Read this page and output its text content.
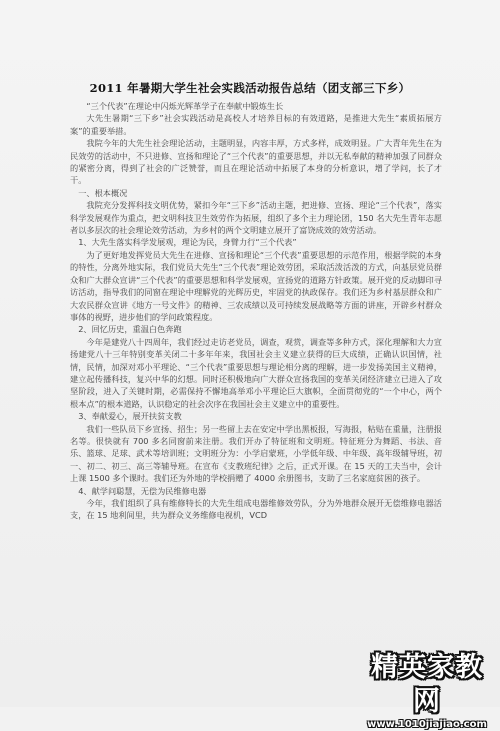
2011 年暑期大学生社会实践活动报告总结（团支部三下乡）

“三个代表”在理论中闪烁光辉革学子在奉献中锻炼生长

大先生暑期“三下乡”社会实践活动是高校人才培养目标的有效道路，是推进大先生“素质拓展方案”的重要举措。

我院今年的大先生社会理论活动，主题明显，内容丰厚，方式多样，成效明显。广大青年先生在为民效劳的活动中，不只进修、宣扬和理论了“三个代表”的重要思想，并以无私奉献的精神加强了同群众的紧密分离，得到了社会的广泛赞誉，而且在理论活动中拓展了本身的分析意识，增了学问，长了才干。

一、根本概况

我院充分发挥科技文明优势，紧扣今年“三下乡”活动主题，把进修、宣扬、理论“三个代表”，落实科学发展观作为重点，把文明科技卫生效劳作为拓展，组织了多个主力理论团，150 名大先生青年志愿者以多层次的社会理论效劳活动，为乡村的两个文明建立展开了富饶成效的效劳活动。

1、大先生落实科学发展观，理论为民，身臂力行“三个代表”

为了更好地发挥党员大先生在进修、宣扬和理论“三个代表”重要思想的示范作用，根据学院的本身的特性，分离外地实际，我们党员大先生“三个代表”理论效劳团，采取活泼活泼的方式，向基层党员群众和广大群众宣讲“三个代表”的重要思想和科学发展观，宣扬党的道路方针政策。展开党的反动脚印寻访活动，指导我们的同窗在理论中理解党的光辉历史，牢固党的执政保存。我们还为乡村基层群众和广大农民群众宣讲《地方一号文件》的精神、三农成绩以及可持续发展战略等方面的讲座，开辟乡村群众事体的视野，进步他们的学问政策程度。

2、回忆历史，重温白色奔跑

今年是建党八十四周年，我们经过走访老党员，调查，观赏，调查等多种方式，深化理解和大力宣扬建党八十三年特别变革关闭二十多年年来，我国社会主义建立获得的巨大成绩，正确认识国情，社情，民情，加深对邓小平理论、“三个代表”重要思想与理论相分离的理解，进一步发扬美国主义精神，建立起传播科技，复兴中华的幻想。同时还积极地向广大群众宣扬我国的变革关闭经济建立已进入了攻坚阶段，进入了关键时期，必需保持不懈地高举邓小平理论巨大旗帜，全面贯彻党的“一个中心，两个根本点”的根本道路，认识稳定的社会次序在我国社会主义建立中的重要性。

3、奉献爱心，展开扶贫支教

我们一些队员下乡宣扬、招生；另一些留上去在安定中学出黑板报，写海报，粘贴在重量，注册报名等。很快就有 700 多名同窗前来注册。我们开办了特征班和文明班。特征班分为舞蹈、书法、音乐、篮球、足球、武术等培训班；文明班分为：小学启蒙班，小学低年级、中年级、高年级辅导班，初一、初二、初三、高三等辅导班。在宣布《支教班纪律》之后，正式开课。在 15 天的工夫当中，会计上课 1500 多个课时。我们还为外地的学校捐赠了 4000 余册图书，支助了三名家庭贫困的孩子。

4、献学问聪慧，无偿为民维修电器

今年，我们组织了具有维修特长的大先生组成电器维修效劳队，分为外地群众展开无偿维修电器活支，在 15 地利间里，共为群众义务维修电视机，VCD

精英家教网
www.1010jiajiao.com
